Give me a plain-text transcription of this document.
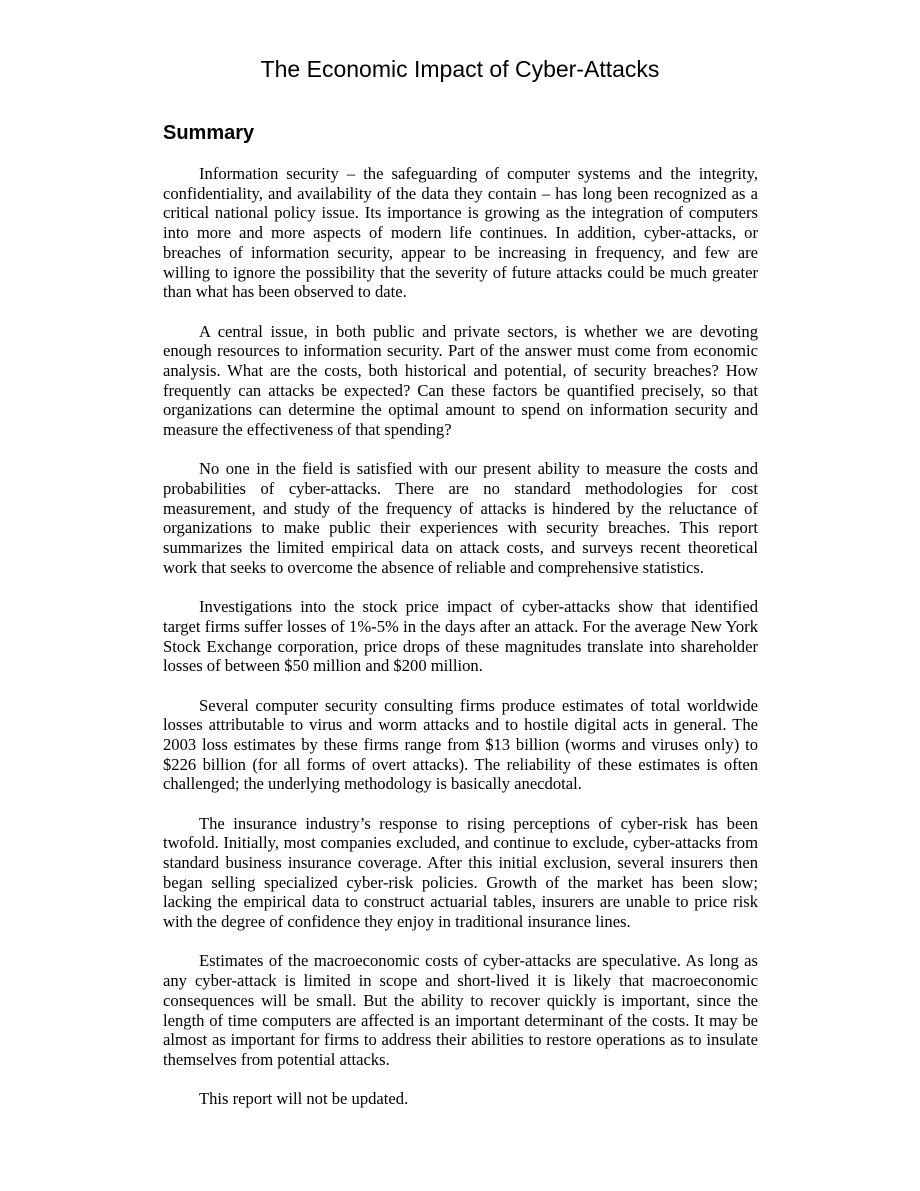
The Economic Impact of Cyber-Attacks
Summary

Information security – the safeguarding of computer systems and the integrity, confidentiality, and availability of the data they contain – has long been recognized as a critical national policy issue. Its importance is growing as the integration of computers into more and more aspects of modern life continues. In addition, cyber-attacks, or breaches of information security, appear to be increasing in frequency, and few are willing to ignore the possibility that the severity of future attacks could be much greater than what has been observed to date.

A central issue, in both public and private sectors, is whether we are devoting enough resources to information security. Part of the answer must come from economic analysis. What are the costs, both historical and potential, of security breaches? How frequently can attacks be expected? Can these factors be quantified precisely, so that organizations can determine the optimal amount to spend on information security and measure the effectiveness of that spending?

No one in the field is satisfied with our present ability to measure the costs and probabilities of cyber-attacks. There are no standard methodologies for cost measurement, and study of the frequency of attacks is hindered by the reluctance of organizations to make public their experiences with security breaches. This report summarizes the limited empirical data on attack costs, and surveys recent theoretical work that seeks to overcome the absence of reliable and comprehensive statistics.

Investigations into the stock price impact of cyber-attacks show that identified target firms suffer losses of 1%-5% in the days after an attack. For the average New York Stock Exchange corporation, price drops of these magnitudes translate into shareholder losses of between $50 million and $200 million.

Several computer security consulting firms produce estimates of total worldwide losses attributable to virus and worm attacks and to hostile digital acts in general. The 2003 loss estimates by these firms range from $13 billion (worms and viruses only) to $226 billion (for all forms of overt attacks). The reliability of these estimates is often challenged; the underlying methodology is basically anecdotal.

The insurance industry’s response to rising perceptions of cyber-risk has been twofold. Initially, most companies excluded, and continue to exclude, cyber-attacks from standard business insurance coverage. After this initial exclusion, several insurers then began selling specialized cyber-risk policies. Growth of the market has been slow; lacking the empirical data to construct actuarial tables, insurers are unable to price risk with the degree of confidence they enjoy in traditional insurance lines.

Estimates of the macroeconomic costs of cyber-attacks are speculative. As long as any cyber-attack is limited in scope and short-lived it is likely that macroeconomic consequences will be small. But the ability to recover quickly is important, since the length of time computers are affected is an important determinant of the costs. It may be almost as important for firms to address their abilities to restore operations as to insulate themselves from potential attacks.

This report will not be updated.
